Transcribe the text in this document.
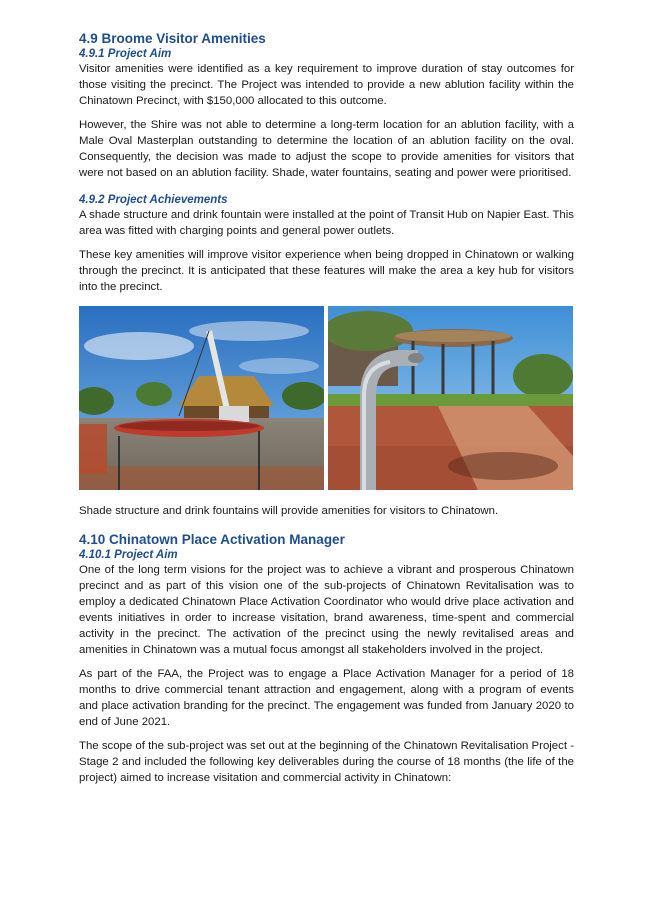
4.9 Broome Visitor Amenities
4.9.1 Project Aim

Visitor amenities were identified as a key requirement to improve duration of stay outcomes for those visiting the precinct. The Project was intended to provide a new ablution facility within the Chinatown Precinct, with $150,000 allocated to this outcome.

However, the Shire was not able to determine a long-term location for an ablution facility, with a Male Oval Masterplan outstanding to determine the location of an ablution facility on the oval. Consequently, the decision was made to adjust the scope to provide amenities for visitors that were not based on an ablution facility. Shade, water fountains, seating and power were prioritised.

4.9.2 Project Achievements

A shade structure and drink fountain were installed at the point of Transit Hub on Napier East. This area was fitted with charging points and general power outlets.

These key amenities will improve visitor experience when being dropped in Chinatown or walking through the precinct. It is anticipated that these features will make the area a key hub for visitors into the precinct.

Shade structure and drink fountains will provide amenities for visitors to Chinatown.

4.10 Chinatown Place Activation Manager
4.10.1 Project Aim

One of the long term visions for the project was to achieve a vibrant and prosperous Chinatown precinct and as part of this vision one of the sub-projects of Chinatown Revitalisation was to employ a dedicated Chinatown Place Activation Coordinator who would drive place activation and events initiatives in order to increase visitation, brand awareness, time-spent and commercial activity in the precinct. The activation of the precinct using the newly revitalised areas and amenities in Chinatown was a mutual focus amongst all stakeholders involved in the project.

As part of the FAA, the Project was to engage a Place Activation Manager for a period of 18 months to drive commercial tenant attraction and engagement, along with a program of events and place activation branding for the precinct. The engagement was funded from January 2020 to end of June 2021.

The scope of the sub-project was set out at the beginning of the Chinatown Revitalisation Project - Stage 2 and included the following key deliverables during the course of 18 months (the life of the project) aimed to increase visitation and commercial activity in Chinatown:
